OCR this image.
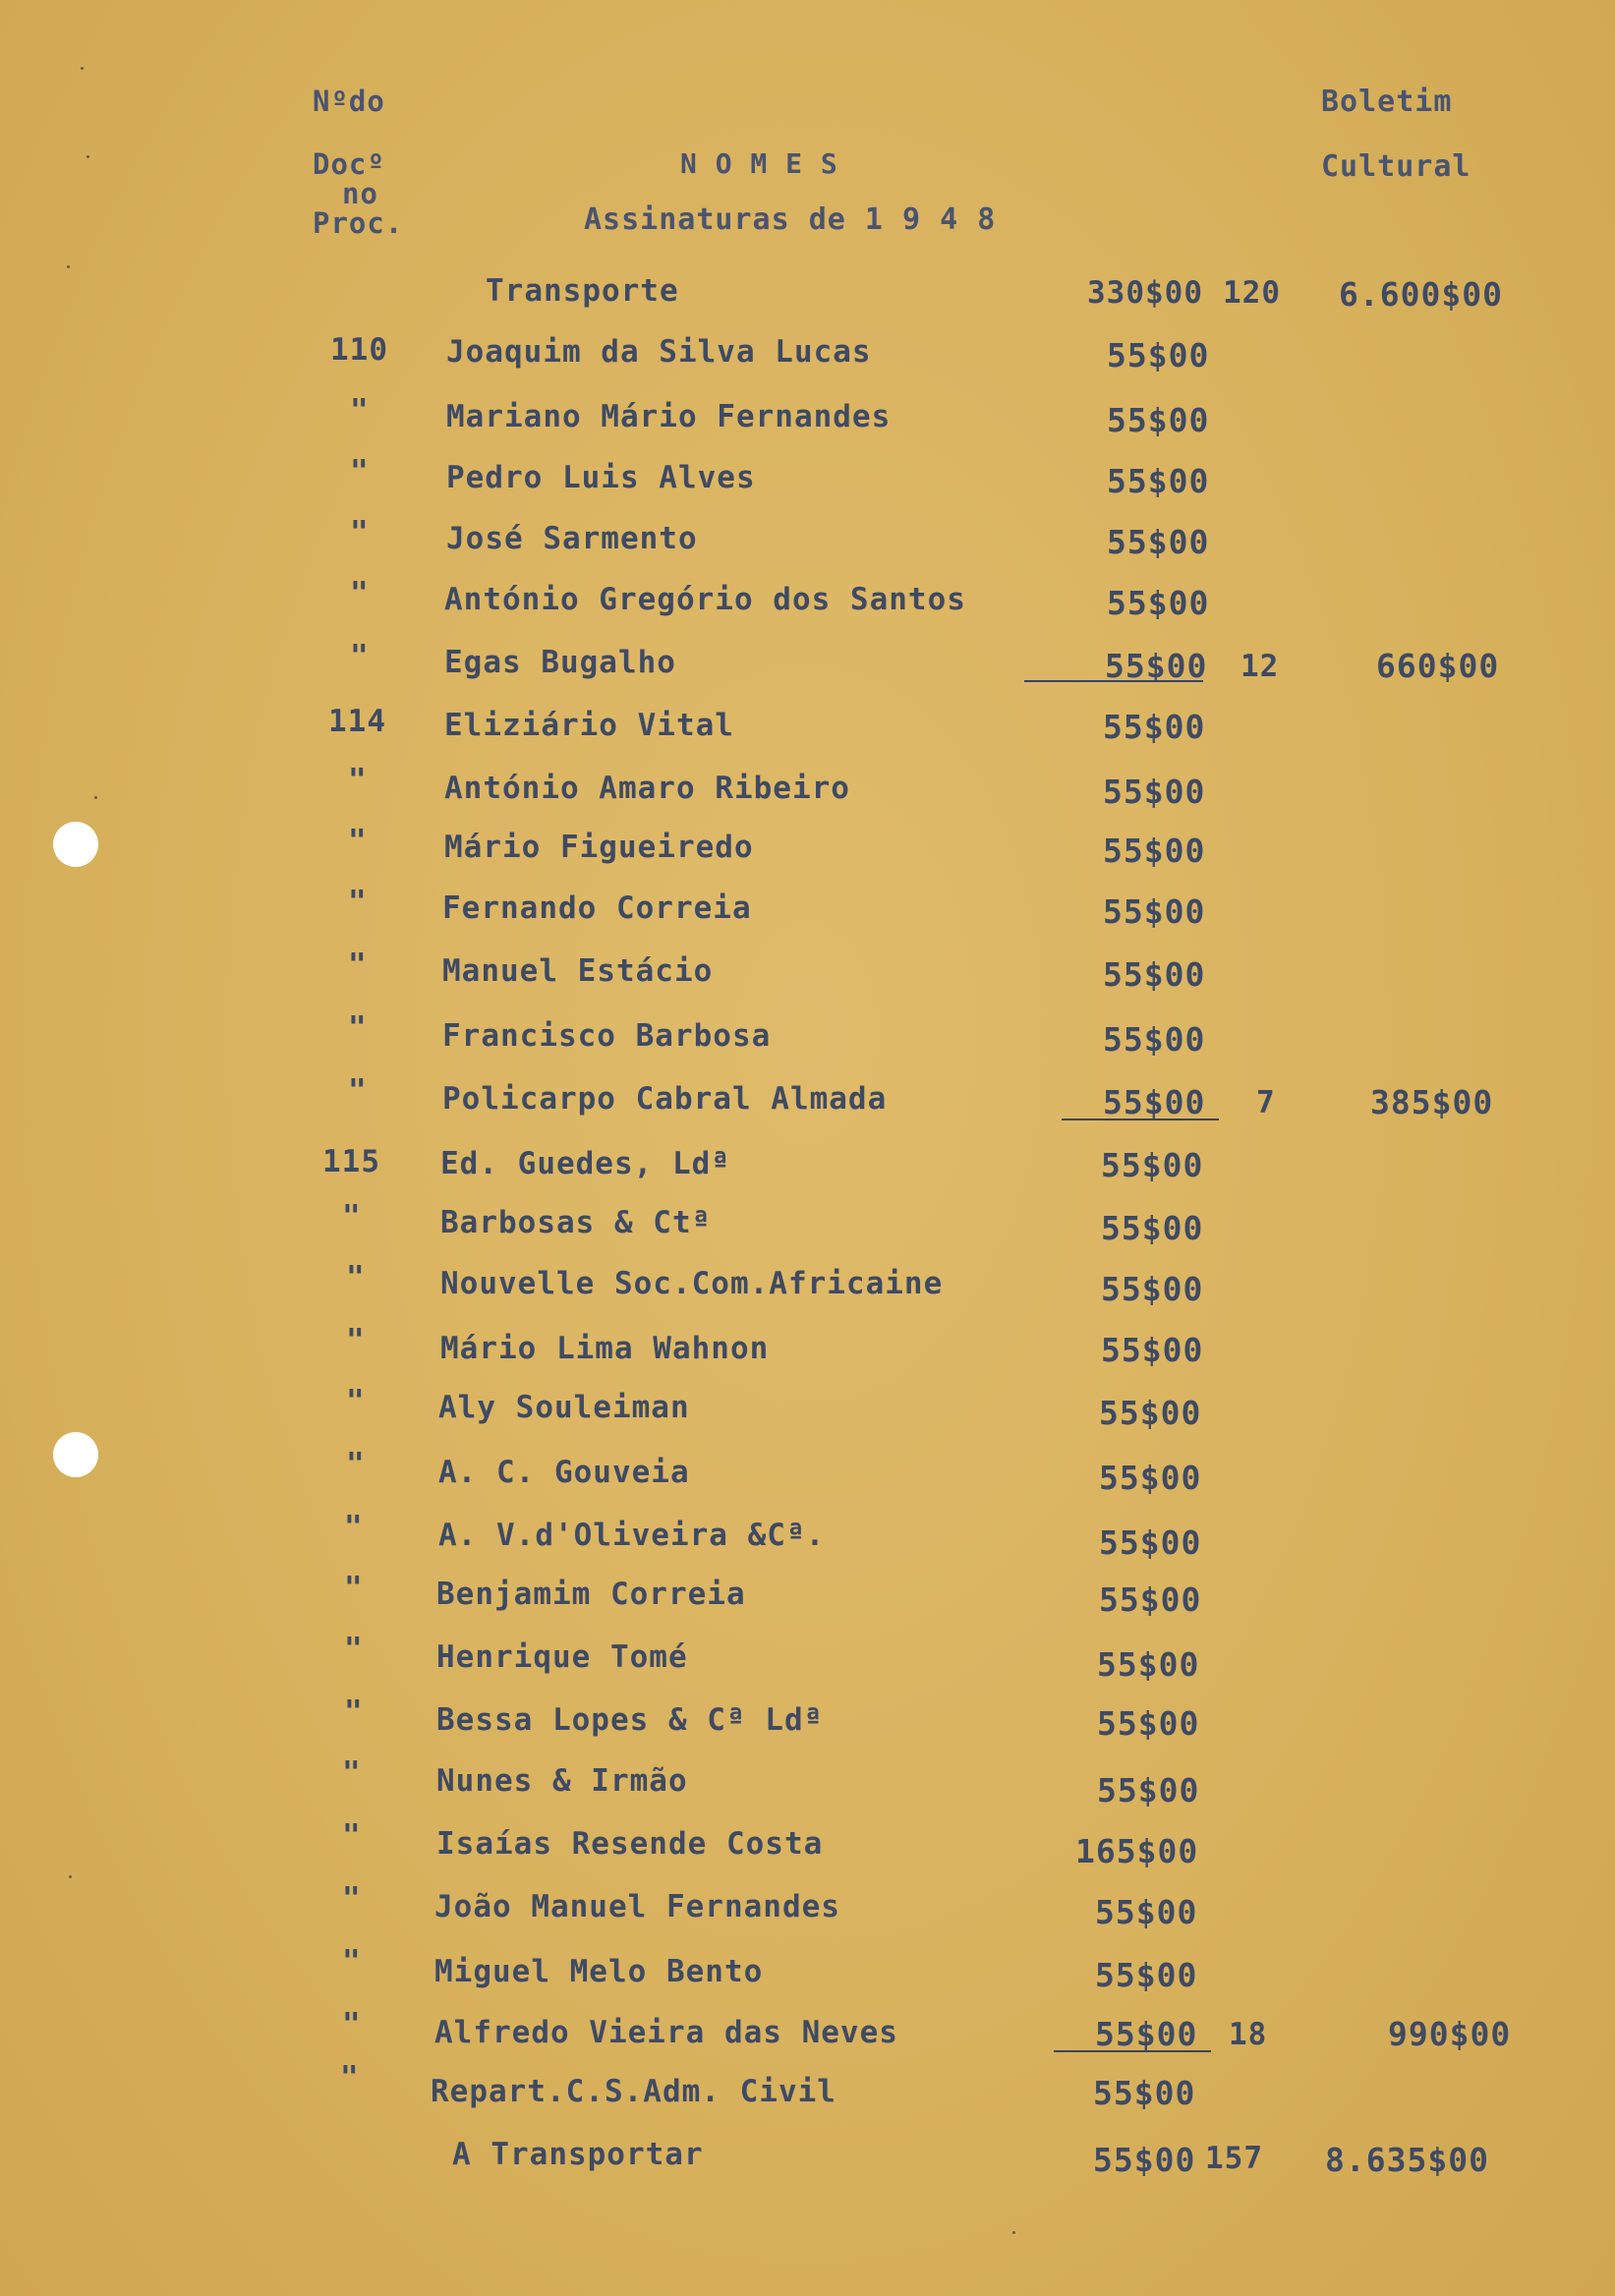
Nºdo
Docº
no
Proc.
N O M E S
Assinaturas de 1 9 4 8
Boletim
Cultural
Transporte	330$00 120 6.600$00
110 Joaquim da Silva Lucas	55$00
"	Mariano Mário Fernandes	55$00
"	Pedro Luis Alves	55$00
"	José Sarmento	55$00
" António Gregório dos Santos	55$00
" Egas Bugalho	55$00 12	660$00
114 Eliziário Vital	55$00
"	António Amaro Ribeiro	55$00
"	Mário Figueiredo	55$00
" Fernando Correia	55$00
" Manuel Estácio	55$00
" Francisco Barbosa	55$00
" Policarpo Cabral Almada	55$00 7	385$00
115 Ed. Guedes, Ldª	55$00
"	Barbosas & Ctª	55$00
" Nouvelle Soc.Com.Africaine	55$00
" Mário Lima Wahnon	55$00
" Aly Souleiman	55$00
" A. C. Gouveia	55$00
" A. V.d'Oliveira &Cª.	55$00
" Benjamim Correia	55$00
" Henrique Tomé	55$00
" Bessa Lopes & Cª Ldª	55$00
" Nunes & Irmão	55$00
" Isaías Resende Costa	165$00
" João Manuel Fernandes	55$00
" Miguel Melo Bento	55$00
" Alfredo Vieira das Neves	55$00 18	990$00
" Repart.C.S.Adm. Civil	55$00
A Transportar	55$00 157 8.635$00
